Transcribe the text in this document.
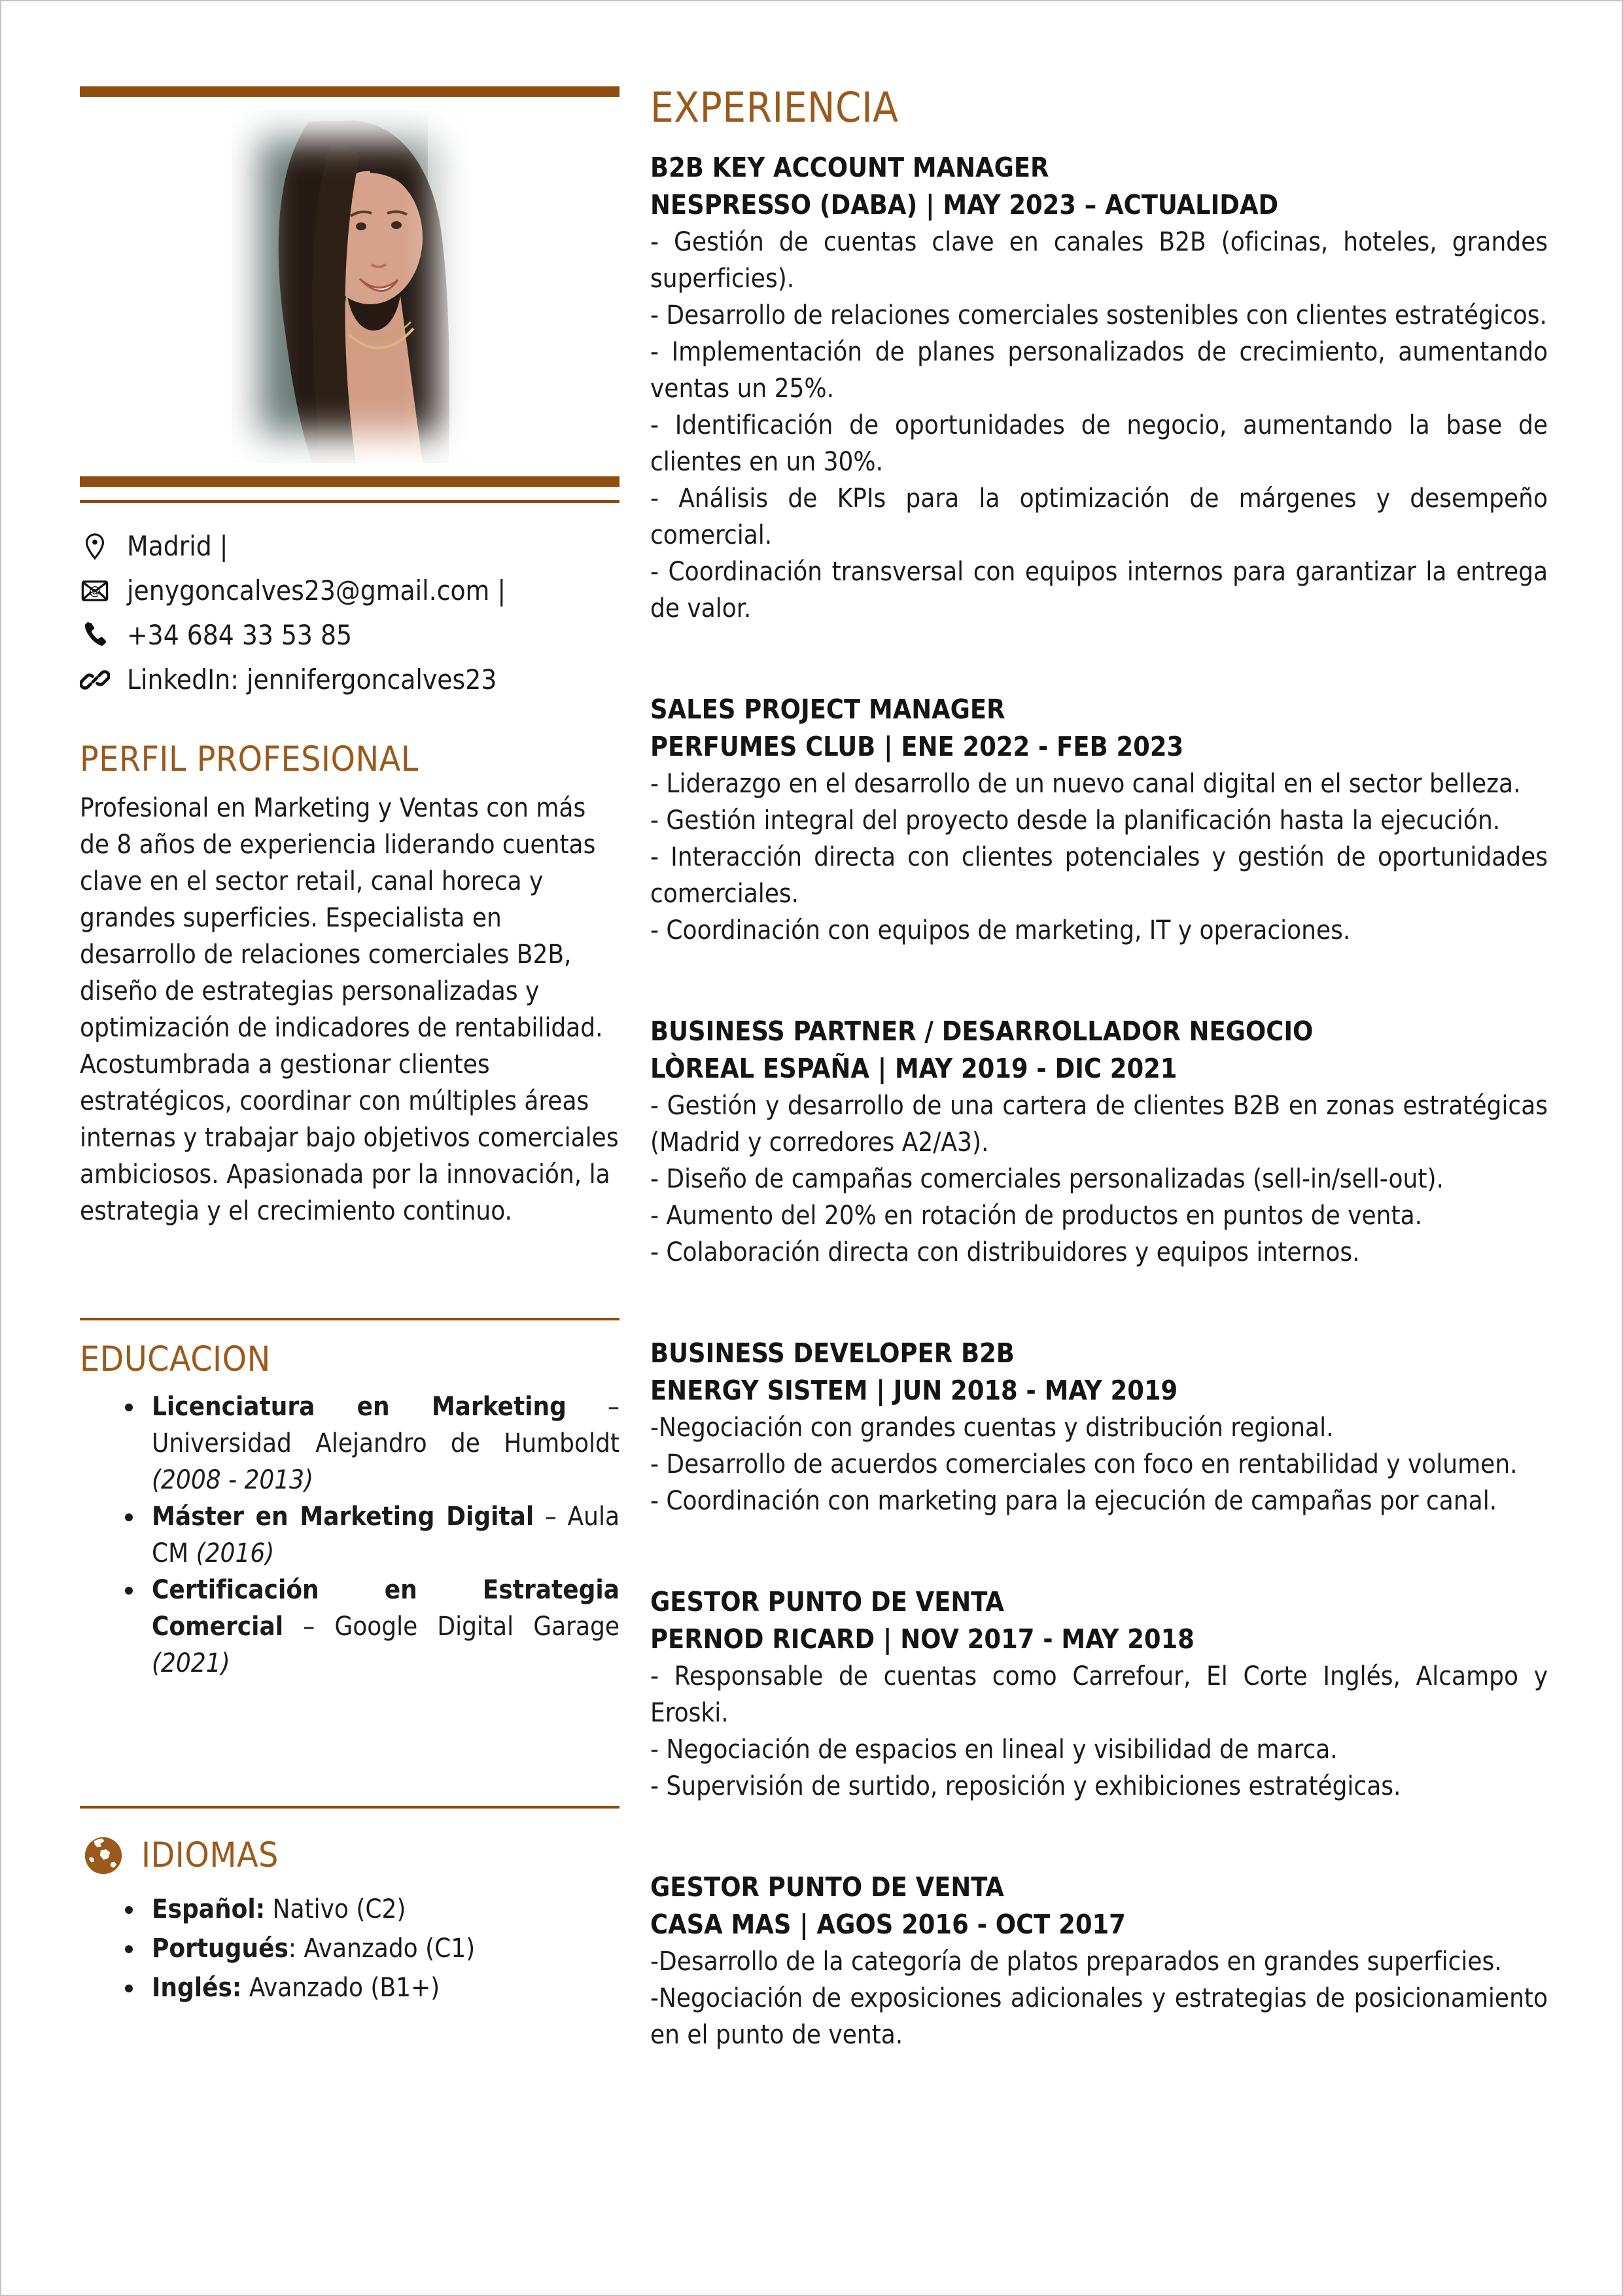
Madrid |
@ jenygoncalves23@gmail.com |
+34 684 33 53 85
LinkedIn: jennifergoncalves23
PERFIL PROFESIONAL
Profesional en Marketing y Ventas con más de 8 años de experiencia liderando cuentas clave en el sector retail, canal horeca y grandes superficies. Especialista en desarrollo de relaciones comerciales B2B, diseño de estrategias personalizadas y optimización de indicadores de rentabilidad. Acostumbrada a gestionar clientes estratégicos, coordinar con múltiples áreas internas y trabajar bajo objetivos comerciales ambiciosos. Apasionada por la innovación, la estrategia y el crecimiento continuo.
EDUCACION
• Licenciatura en Marketing – Universidad Alejandro de Humboldt (2008 - 2013)
• Máster en Marketing Digital – Aula CM (2016)
• Certificación en Estrategia Comercial – Google Digital Garage (2021)
IDIOMAS
• Español: Nativo (C2)
• Portugués: Avanzado (C1)
• Inglés: Avanzado (B1+)
EXPERIENCIA
B2B KEY ACCOUNT MANAGER
NESPRESSO (DABA) | MAY 2023 – ACTUALIDAD

- Gestión de cuentas clave en canales B2B (oficinas, hoteles, grandes superficies).

- Desarrollo de relaciones comerciales sostenibles con clientes estratégicos.

- Implementación de planes personalizados de crecimiento, aumentando ventas un 25%.

- Identificación de oportunidades de negocio, aumentando la base de clientes en un 30%.

- Análisis de KPIs para la optimización de márgenes y desempeño comercial.

- Coordinación transversal con equipos internos para garantizar la entrega de valor.

SALES PROJECT MANAGER
PERFUMES CLUB | ENE 2022 - FEB 2023

- Liderazgo en el desarrollo de un nuevo canal digital en el sector belleza.

- Gestión integral del proyecto desde la planificación hasta la ejecución.

- Interacción directa con clientes potenciales y gestión de oportunidades comerciales.

- Coordinación con equipos de marketing, IT y operaciones.

BUSINESS PARTNER / DESARROLLADOR NEGOCIO
LÒREAL ESPAÑA | MAY 2019 - DIC 2021

- Gestión y desarrollo de una cartera de clientes B2B en zonas estratégicas (Madrid y corredores A2/A3).

- Diseño de campañas comerciales personalizadas (sell-in/sell-out).

- Aumento del 20% en rotación de productos en puntos de venta.

- Colaboración directa con distribuidores y equipos internos.

BUSINESS DEVELOPER B2B
ENERGY SISTEM | JUN 2018 - MAY 2019

-Negociación con grandes cuentas y distribución regional.

- Desarrollo de acuerdos comerciales con foco en rentabilidad y volumen.

- Coordinación con marketing para la ejecución de campañas por canal.

GESTOR PUNTO DE VENTA
PERNOD RICARD | NOV 2017 - MAY 2018

- Responsable de cuentas como Carrefour, El Corte Inglés, Alcampo y Eroski.

- Negociación de espacios en lineal y visibilidad de marca.

- Supervisión de surtido, reposición y exhibiciones estratégicas.

GESTOR PUNTO DE VENTA
CASA MAS | AGOS 2016 - OCT 2017

-Desarrollo de la categoría de platos preparados en grandes superficies.

-Negociación de exposiciones adicionales y estrategias de posicionamiento en el punto de venta.
